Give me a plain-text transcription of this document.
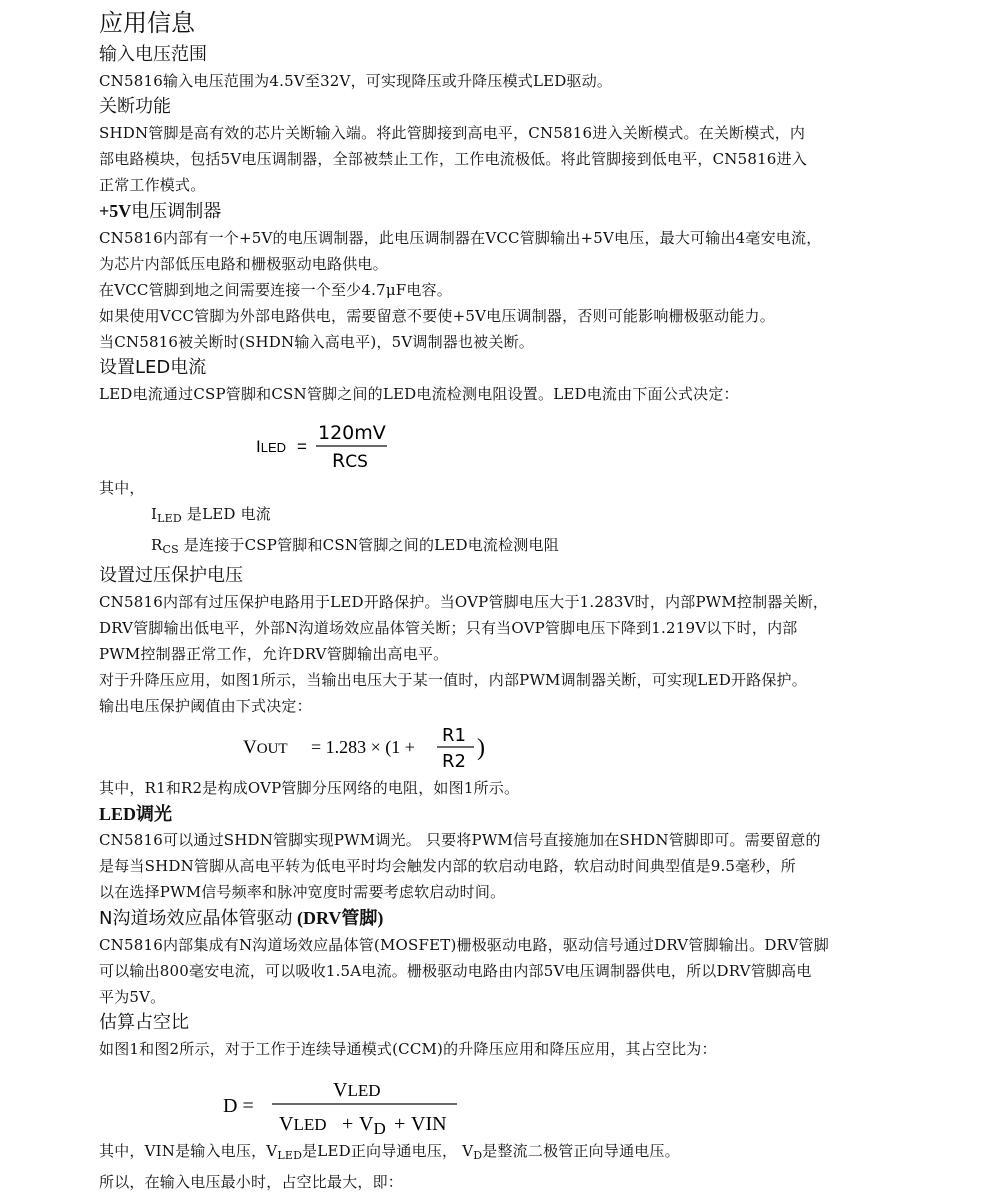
应用信息
输入电压范围

CN5816输入电压范围为4.5V至32V，可实现降压或升降压模式LED驱动。

关断功能

SHDN管脚是高有效的芯片关断输入端。将此管脚接到高电平，CN5816进入关断模式。在关断模式，内

部电路模块，包括5V电压调制器，全部被禁止工作，工作电流极低。将此管脚接到低电平，CN5816进入

正常工作模式。

+5V电压调制器

CN5816内部有一个+5V的电压调制器，此电压调制器在VCC管脚输出+5V电压，最大可输出4毫安电流，

为芯片内部低压电路和栅极驱动电路供电。

在VCC管脚到地之间需要连接一个至少4.7μF电容。

如果使用VCC管脚为外部电路供电，需要留意不要使+5V电压调制器，否则可能影响栅极驱动能力。

当CN5816被关断时(SHDN输入高电平)，5V调制器也被关断。

设置LED电流

LED电流通过CSP管脚和CSN管脚之间的LED电流检测电阻设置。LED电流由下面公式决定：

ILED =
120mV
RCS

其中，

$I_{LED}$ 是LED 电流

$R_{CS}$ 是连接于CSP管脚和CSN管脚之间的LED电流检测电阻

设置过压保护电压

CN5816内部有过压保护电路用于LED开路保护。当OVP管脚电压大于1.283V时，内部PWM控制器关断，

DRV管脚输出低电平，外部N沟道场效应晶体管关断；只有当OVP管脚电压下降到1.219V以下时，内部

PWM控制器正常工作，允许DRV管脚输出高电平。

对于升降压应用，如图1所示，当输出电压大于某一值时，内部PWM调制器关断，可实现LED开路保护。

输出电压保护阈值由下式决定：

VOUT = 1.283 × (1 +
R1
R2
)

其中，R1和R2是构成OVP管脚分压网络的电阻，如图1所示。

LED调光

CN5816可以通过SHDN管脚实现PWM调光。 只要将PWM信号直接施加在SHDN管脚即可。需要留意的

是每当SHDN管脚从高电平转为低电平时均会触发内部的软启动电路，软启动时间典型值是9.5毫秒，所

以在选择PWM信号频率和脉冲宽度时需要考虑软启动时间。

N沟道场效应晶体管驱动 (DRV管脚)

CN5816内部集成有N沟道场效应晶体管(MOSFET)栅极驱动电路，驱动信号通过DRV管脚输出。DRV管脚

可以输出800毫安电流，可以吸收1.5A电流。栅极驱动电路由内部5V电压调制器供电，所以DRV管脚高电

平为5V。

估算占空比

如图1和图2所示，对于工作于连续导通模式(CCM)的升降压应用和降压应用，其占空比为：

D =
VLED
VLED + $V_D$ + VIN

其中，VIN是输入电压，$V_{LED}$是LED正向导通电压， $V_D$是整流二极管正向导通电压。

所以，在输入电压最小时，占空比最大，即：
